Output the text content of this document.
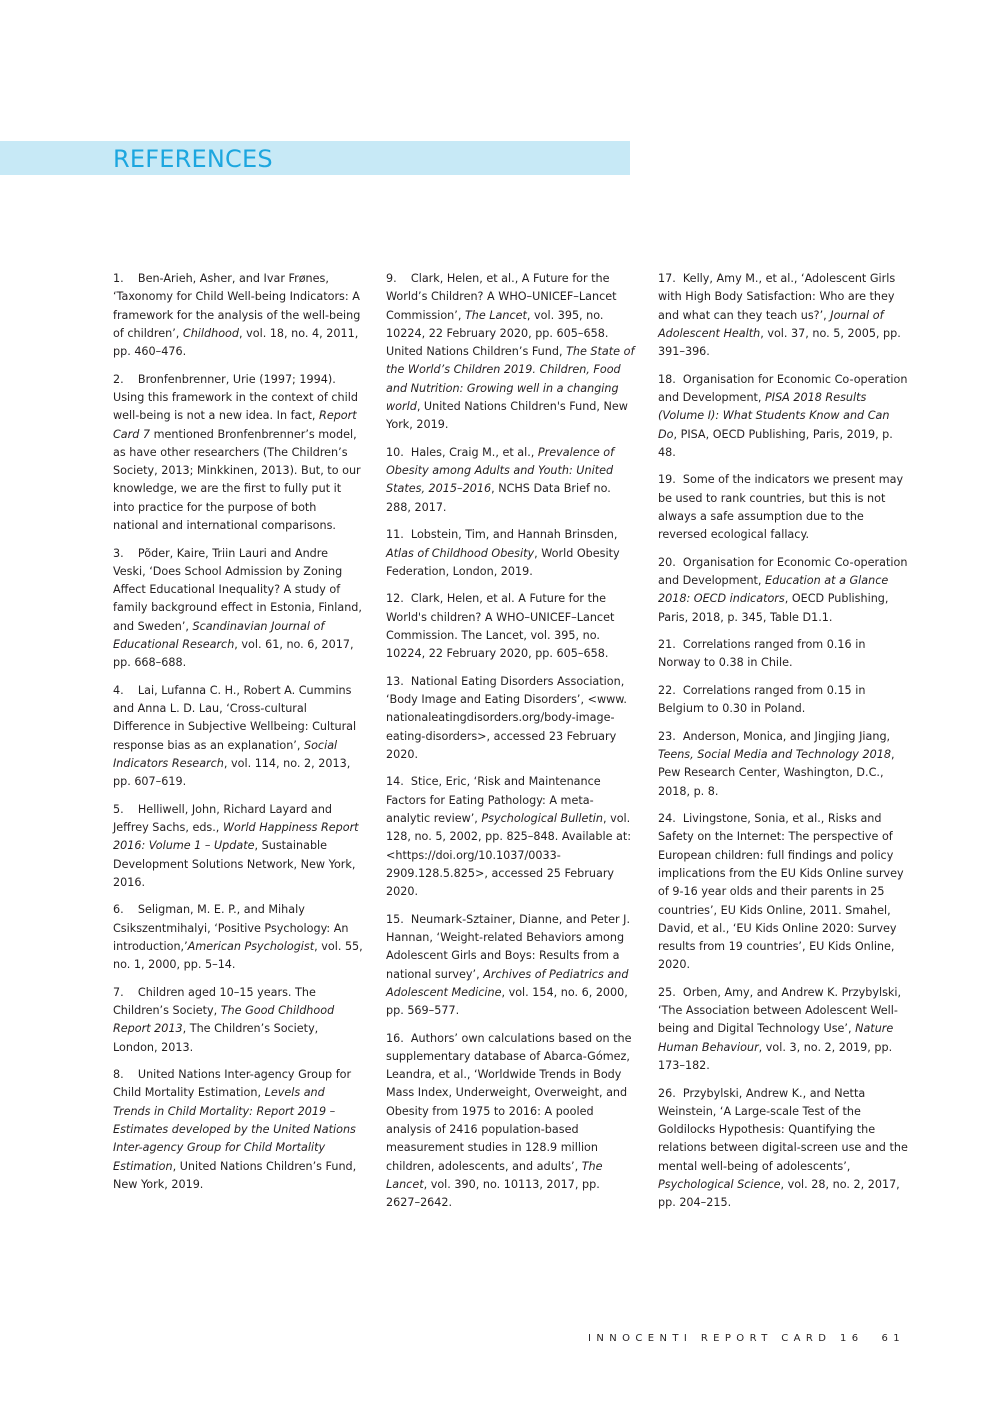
REFERENCES

1.    Ben-Arieh, Asher, and Ivar Frønes, ‘Taxonomy for Child Well-being Indicators: A framework for the analysis of the well-being of children’, Childhood, vol. 18, no. 4, 2011, pp. 460–476.

2.    Bronfenbrenner, Urie (1997; 1994). Using this framework in the context of child well-being is not a new idea. In fact, Report Card 7 mentioned Bronfenbrenner’s model, as have other researchers (The Children’s Society, 2013; Minkkinen, 2013). But, to our knowledge, we are the first to fully put it into practice for the purpose of both national and international comparisons.

3.    Põder, Kaire, Triin Lauri and Andre Veski, ‘Does School Admission by Zoning Affect Educational Inequality? A study of family background effect in Estonia, Finland, and Sweden’, Scandinavian Journal of Educational Research, vol. 61, no. 6, 2017, pp. 668–688.

4.    Lai, Lufanna C. H., Robert A. Cummins and Anna L. D. Lau, ‘Cross-cultural Difference in Subjective Wellbeing: Cultural response bias as an explanation’, Social Indicators Research, vol. 114, no. 2, 2013, pp. 607–619.

5.    Helliwell, John, Richard Layard and Jeffrey Sachs, eds., World Happiness Report 2016: Volume 1 – Update, Sustainable Development Solutions Network, New York, 2016.

6.    Seligman, M. E. P., and Mihaly Csikszentmihalyi, ‘Positive Psychology: An introduction,’American Psychologist, vol. 55, no. 1, 2000, pp. 5–14.

7.    Children aged 10–15 years. The Children’s Society, The Good Childhood Report 2013, The Children’s Society, London, 2013.

8.    United Nations Inter-agency Group for Child Mortality Estimation, Levels and Trends in Child Mortality: Report 2019 – Estimates developed by the United Nations Inter-agency Group for Child Mortality Estimation, United Nations Children’s Fund, New York, 2019.

9.    Clark, Helen, et al., A Future for the World’s Children? A WHO–UNICEF–Lancet Commission’, The Lancet, vol. 395, no. 10224, 22 February 2020, pp. 605–658. United Nations Children’s Fund, The State of the World’s Children 2019. Children, Food and Nutrition: Growing well in a changing world, United Nations Children's Fund, New York, 2019.

10.  Hales, Craig M., et al., Prevalence of Obesity among Adults and Youth: United States, 2015–2016, NCHS Data Brief no. 288, 2017.

11.  Lobstein, Tim, and Hannah Brinsden, Atlas of Childhood Obesity, World Obesity Federation, London, 2019.

12.  Clark, Helen, et al. A Future for the World's children? A WHO–UNICEF–Lancet Commission. The Lancet, vol. 395, no. 10224, 22 February 2020, pp. 605–658.

13.  National Eating Disorders Association, ‘Body Image and Eating Disorders’, <www. nationaleatingdisorders.org/body-image-eating-disorders>, accessed 23 February 2020.

14.  Stice, Eric, ‘Risk and Maintenance Factors for Eating Pathology: A meta-analytic review’, Psychological Bulletin, vol. 128, no. 5, 2002, pp. 825–848. Available at: <https://doi.org/10.1037/0033-2909.128.5.825>, accessed 25 February 2020.

15.  Neumark-Sztainer, Dianne, and Peter J. Hannan, ‘Weight-related Behaviors among Adolescent Girls and Boys: Results from a national survey’, Archives of Pediatrics and Adolescent Medicine, vol. 154, no. 6, 2000, pp. 569–577.

16.  Authors’ own calculations based on the supplementary database of Abarca-Gómez, Leandra, et al., ‘Worldwide Trends in Body Mass Index, Underweight, Overweight, and Obesity from 1975 to 2016: A pooled analysis of 2416 population-based measurement studies in 128.9 million children, adolescents, and adults’, The Lancet, vol. 390, no. 10113, 2017, pp. 2627–2642.

17.  Kelly, Amy M., et al., ‘Adolescent Girls with High Body Satisfaction: Who are they and what can they teach us?’, Journal of Adolescent Health, vol. 37, no. 5, 2005, pp. 391–396.

18.  Organisation for Economic Co-operation and Development, PISA 2018 Results (Volume I): What Students Know and Can Do, PISA, OECD Publishing, Paris, 2019, p. 48.

19.  Some of the indicators we present may be used to rank countries, but this is not always a safe assumption due to the reversed ecological fallacy.

20.  Organisation for Economic Co-operation and Development, Education at a Glance 2018: OECD indicators, OECD Publishing, Paris, 2018, p. 345, Table D1.1.

21.  Correlations ranged from 0.16 in Norway to 0.38 in Chile.

22.  Correlations ranged from 0.15 in Belgium to 0.30 in Poland.

23.  Anderson, Monica, and Jingjing Jiang, Teens, Social Media and Technology 2018, Pew Research Center, Washington, D.C., 2018, p. 8.

24.  Livingstone, Sonia, et al., Risks and Safety on the Internet: The perspective of European children: full findings and policy implications from the EU Kids Online survey of 9-16 year olds and their parents in 25 countries’, EU Kids Online, 2011. Smahel, David, et al., ‘EU Kids Online 2020: Survey results from 19 countries’, EU Kids Online, 2020.

25.  Orben, Amy, and Andrew K. Przybylski, ‘The Association between Adolescent Well-being and Digital Technology Use’, Nature Human Behaviour, vol. 3, no. 2, 2019, pp. 173–182.

26.  Przybylski, Andrew K., and Netta Weinstein, ‘A Large-scale Test of the Goldilocks Hypothesis: Quantifying the relations between digital-screen use and the mental well-being of adolescents’, Psychological Science, vol. 28, no. 2, 2017, pp. 204–215.

INNOCENTI REPORT CARD 16 61
